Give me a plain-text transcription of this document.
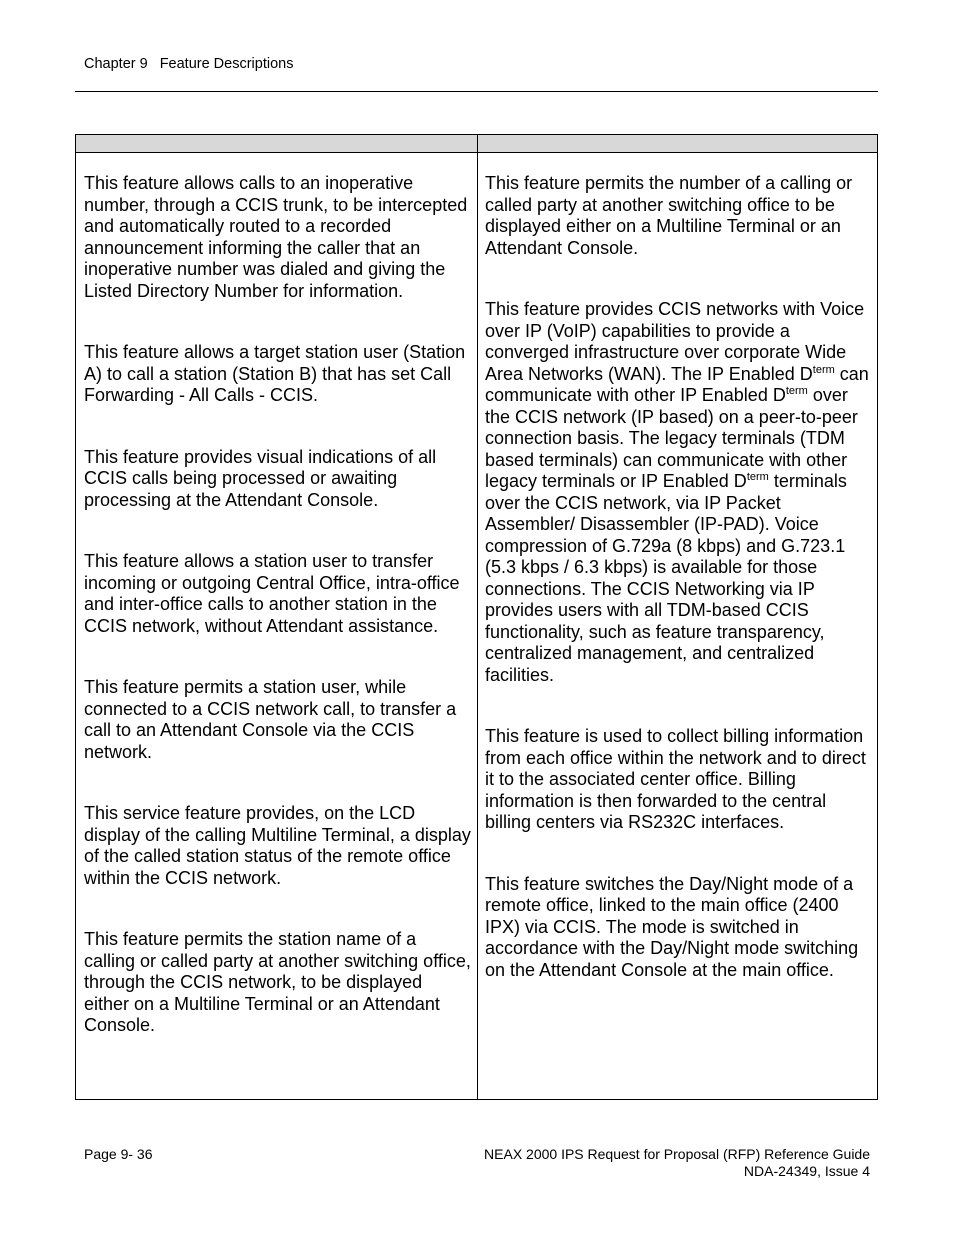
Chapter 9 Feature Descriptions

This feature allows calls to an inoperative number, through a CCIS trunk, to be intercepted and automatically routed to a recorded announcement informing the caller that an inoperative number was dialed and giving the Listed Directory Number for information.

This feature allows a target station user (Station A) to call a station (Station B) that has set Call Forwarding - All Calls - CCIS.

This feature provides visual indications of all CCIS calls being processed or awaiting processing at the Attendant Console.

This feature allows a station user to transfer incoming or outgoing Central Office, intra-office and inter-office calls to another station in the CCIS network, without Attendant assistance.

This feature permits a station user, while connected to a CCIS network call, to transfer a call to an Attendant Console via the CCIS network.

This service feature provides, on the LCD display of the calling Multiline Terminal, a display of the called station status of the remote office within the CCIS network.

This feature permits the station name of a calling or called party at another switching office, through the CCIS network, to be displayed either on a Multiline Terminal or an Attendant Console.

This feature permits the number of a calling or called party at another switching office to be displayed either on a Multiline Terminal or an Attendant Console.

This feature provides CCIS networks with Voice over IP (VoIP) capabilities to provide a converged infrastructure over corporate Wide Area Networks (WAN). The IP Enabled $D^{term}$ can communicate with other IP Enabled $D^{term}$ over the CCIS network (IP based) on a peer-to-peer connection basis. The legacy terminals (TDM based terminals) can communicate with other legacy terminals or IP Enabled $D^{term}$ terminals over the CCIS network, via IP Packet Assembler/ Disassembler (IP-PAD). Voice compression of G.729a (8 kbps) and G.723.1 (5.3 kbps / 6.3 kbps) is available for those connections. The CCIS Networking via IP provides users with all TDM-based CCIS functionality, such as feature transparency, centralized management, and centralized facilities.

This feature is used to collect billing information from each office within the network and to direct it to the associated center office. Billing information is then forwarded to the central billing centers via RS232C interfaces.

This feature switches the Day/Night mode of a remote office, linked to the main office (2400 IPX) via CCIS. The mode is switched in accordance with the Day/Night mode switching on the Attendant Console at the main office.

Page 9- 36	NEAX 2000 IPS Request for Proposal (RFP) Reference Guide
NDA-24349, Issue 4
